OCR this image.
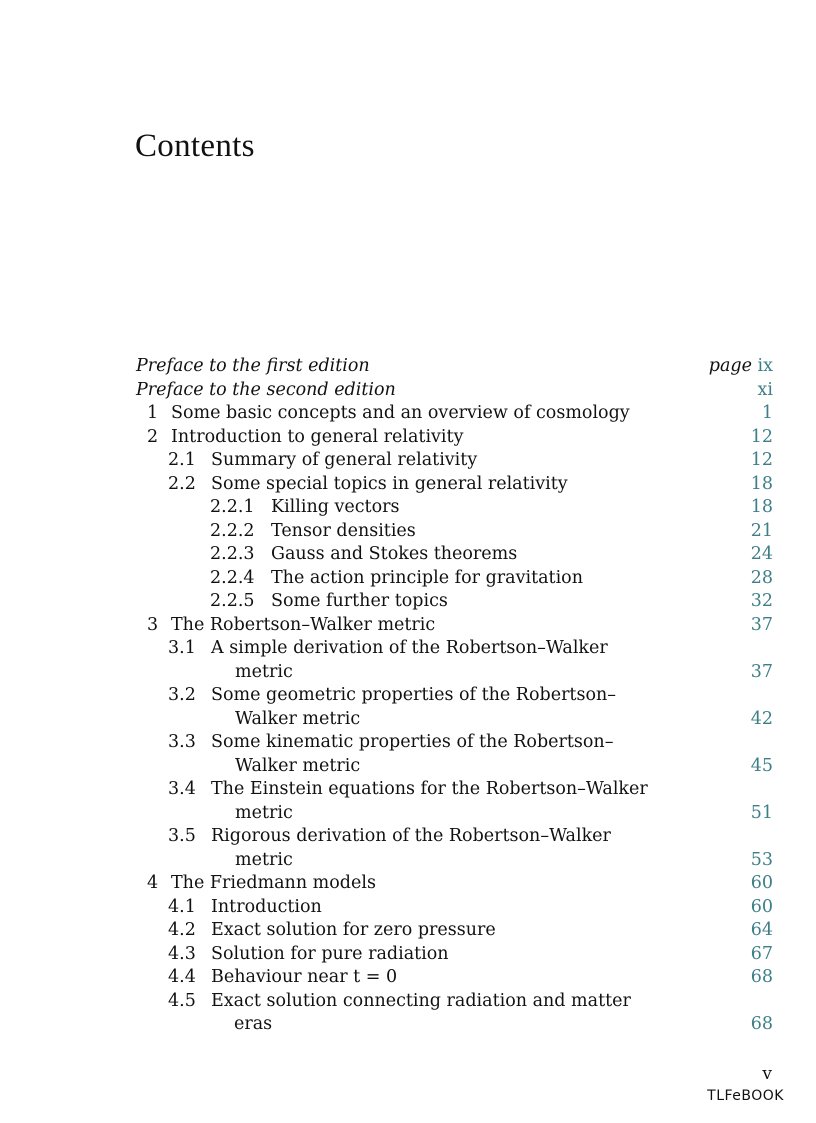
Contents
Preface to the first edition	page ix
Preface to the second edition	xi
1 Some basic concepts and an overview of cosmology	1
2 Introduction to general relativity	12
2.1 Summary of general relativity	12
2.2 Some special topics in general relativity	18
2.2.1 Killing vectors	18
2.2.2 Tensor densities	21
2.2.3 Gauss and Stokes theorems	24
2.2.4 The action principle for gravitation	28
2.2.5 Some further topics	32
3 The Robertson–Walker metric	37
3.1 A simple derivation of the Robertson–Walker
metric	37
3.2 Some geometric properties of the Robertson–
Walker metric	42
3.3 Some kinematic properties of the Robertson–
Walker metric	45
3.4 The Einstein equations for the Robertson–Walker
metric	51
3.5 Rigorous derivation of the Robertson–Walker
metric	53
4 The Friedmann models	60
4.1 Introduction	60
4.2 Exact solution for zero pressure	64
4.3 Solution for pure radiation	67
4.4 Behaviour near t = 0	68
4.5 Exact solution connecting radiation and matter
eras	68
v
TLFeBOOK
